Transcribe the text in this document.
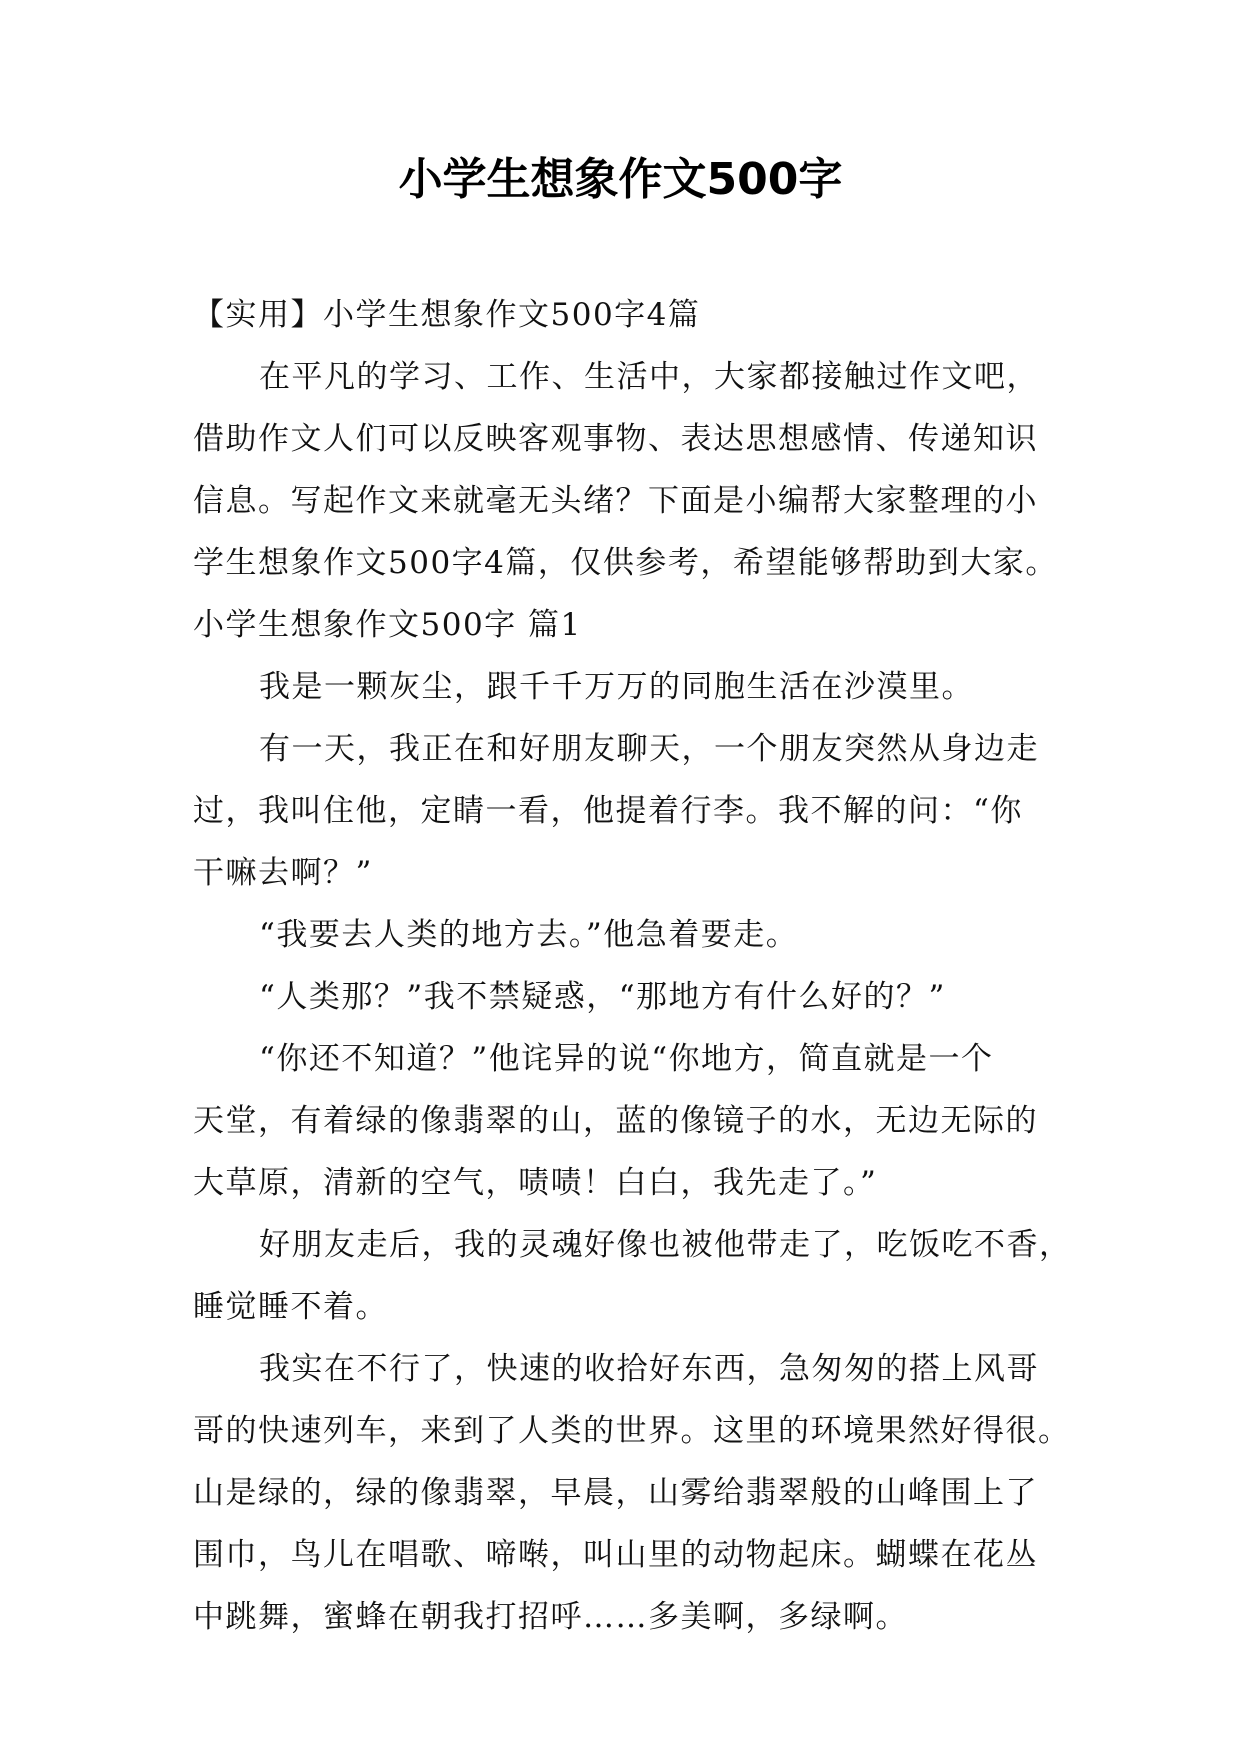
小学生想象作文500字

【实用】小学生想象作文500字4篇

在平凡的学习、工作、生活中，大家都接触过作文吧，

借助作文人们可以反映客观事物、表达思想感情、传递知识

信息。写起作文来就毫无头绪？下面是小编帮大家整理的小

学生想象作文500字4篇，仅供参考，希望能够帮助到大家。

小学生想象作文500字 篇1

我是一颗灰尘，跟千千万万的同胞生活在沙漠里。

有一天，我正在和好朋友聊天，一个朋友突然从身边走

过，我叫住他，定睛一看，他提着行李。我不解的问：“你

干嘛去啊？”

“我要去人类的地方去。”他急着要走。

“人类那？”我不禁疑惑，“那地方有什么好的？”

“你还不知道？”他诧异的说“你地方，简直就是一个

天堂，有着绿的像翡翠的山，蓝的像镜子的水，无边无际的

大草原，清新的空气，啧啧！白白，我先走了。”

好朋友走后，我的灵魂好像也被他带走了，吃饭吃不香，

睡觉睡不着。

我实在不行了，快速的收拾好东西，急匆匆的搭上风哥

哥的快速列车，来到了人类的世界。这里的环境果然好得很。

山是绿的，绿的像翡翠，早晨，山雾给翡翠般的山峰围上了

围巾，鸟儿在唱歌、啼啭，叫山里的动物起床。蝴蝶在花丛

中跳舞，蜜蜂在朝我打招呼……多美啊，多绿啊。
